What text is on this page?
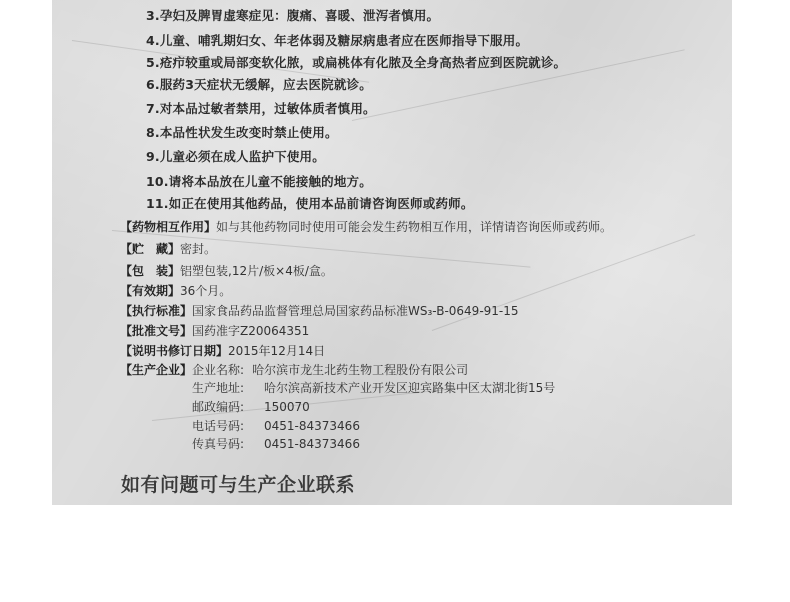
3.孕妇及脾胃虚寒症见：腹痛、喜暖、泄泻者慎用。
4.儿童、哺乳期妇女、年老体弱及糖尿病患者应在医师指导下服用。
5.疮疖较重或局部变软化脓，或扁桃体有化脓及全身高热者应到医院就诊。
6.服药3天症状无缓解，应去医院就诊。
7.对本品过敏者禁用，过敏体质者慎用。
8.本品性状发生改变时禁止使用。
9.儿童必须在成人监护下使用。
10.请将本品放在儿童不能接触的地方。
11.如正在使用其他药品，使用本品前请咨询医师或药师。
【药物相互作用】如与其他药物同时使用可能会发生药物相互作用，详情请咨询医师或药师。
【贮　藏】密封。
【包　装】铝塑包装,12片/板×4板/盒。
【有效期】36个月。
【执行标准】国家食品药品监督管理总局国家药品标准WS₃-B-0649-91-15
【批准文号】国药准字Z20064351
【说明书修订日期】2015年12月14日
【生产企业】企业名称: 哈尔滨市龙生北药生物工程股份有限公司
生产地址: 哈尔滨高新技术产业开发区迎宾路集中区太湖北街15号
邮政编码: 150070
电话号码: 0451-84373466
传真号码: 0451-84373466
如有问题可与生产企业联系
